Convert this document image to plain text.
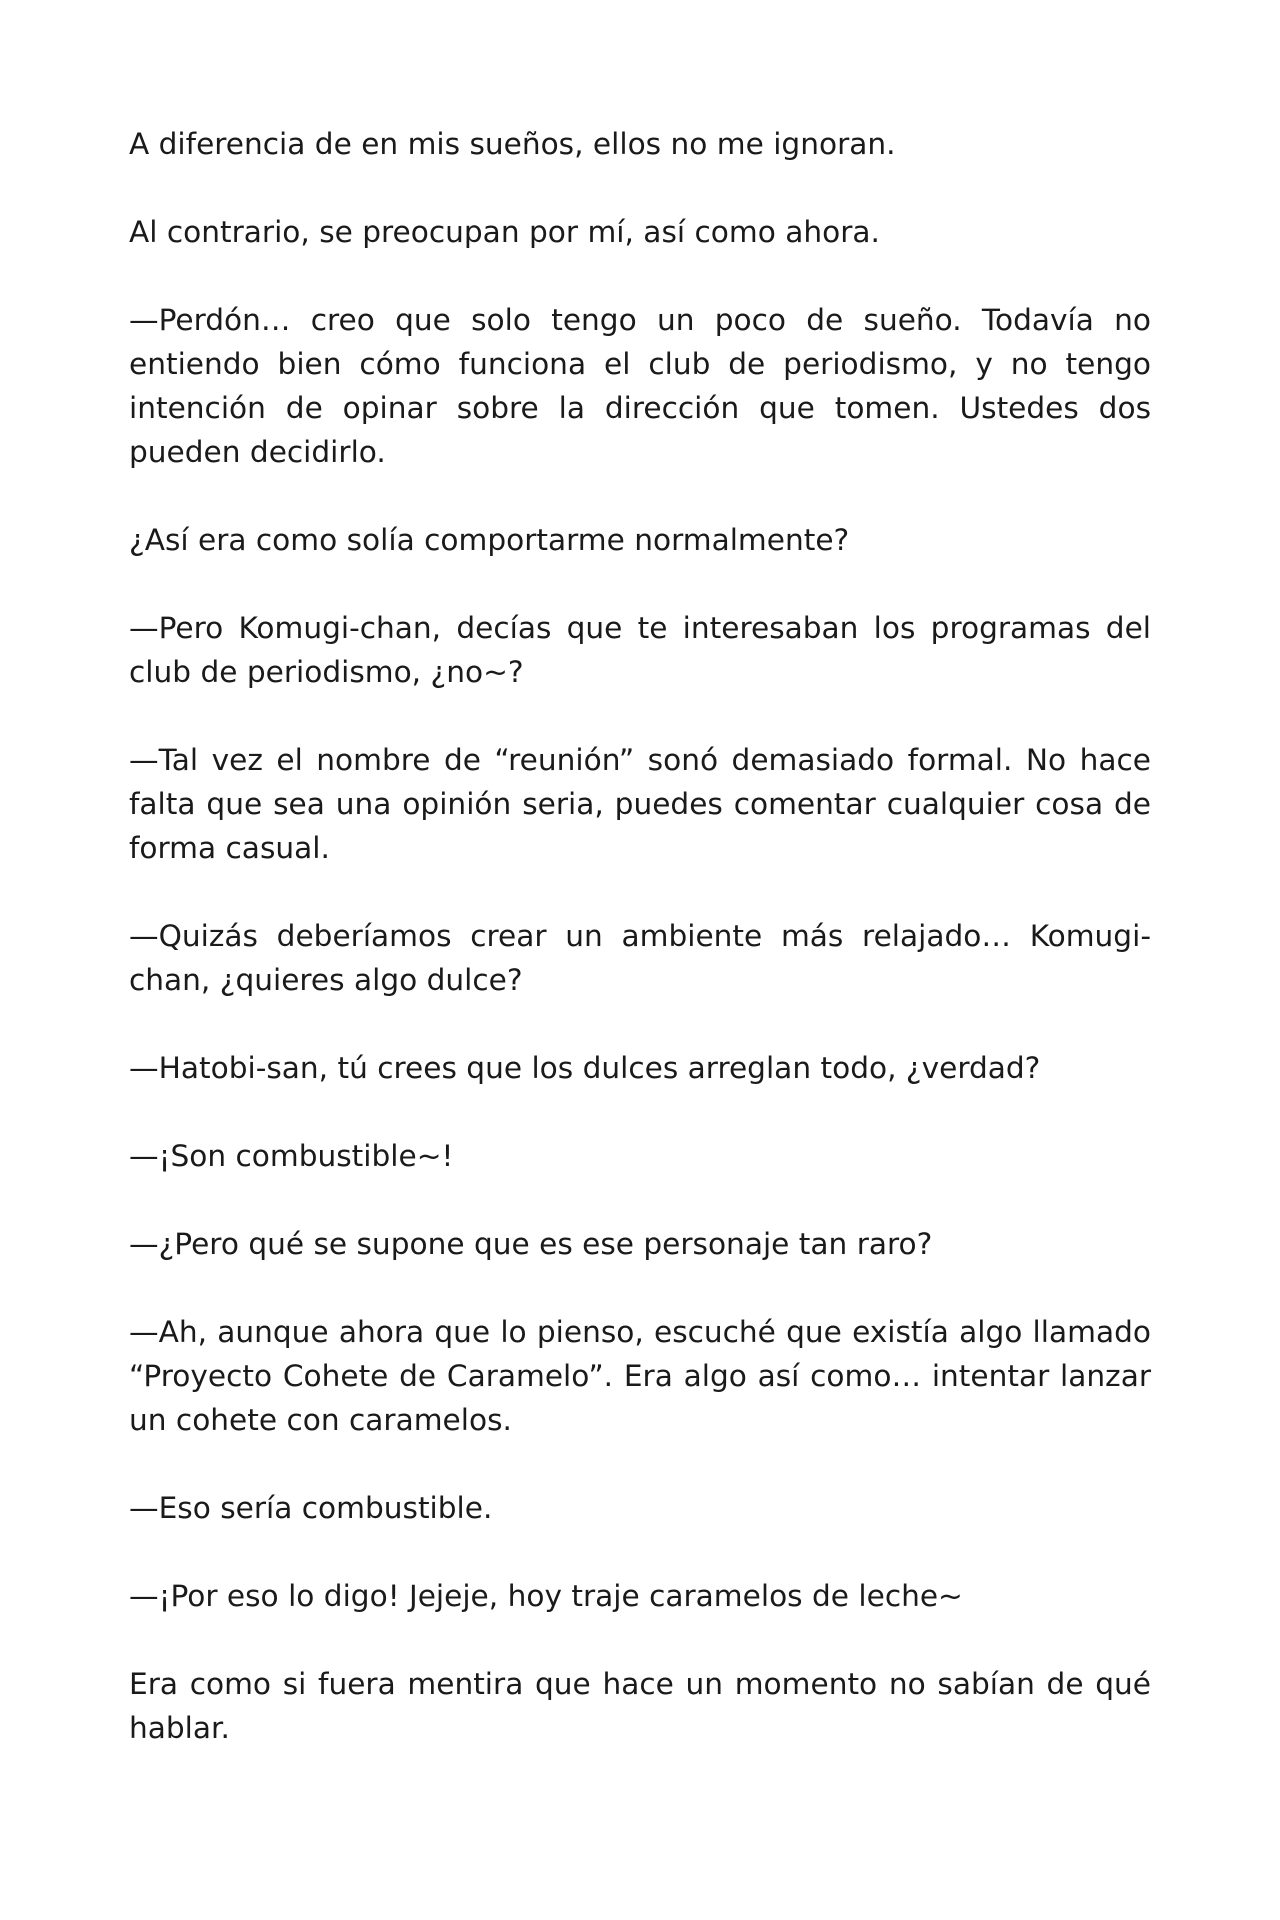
A diferencia de en mis sueños, ellos no me ignoran.

Al contrario, se preocupan por mí, así como ahora.

—Perdón… creo que solo tengo un poco de sueño. Todavía no entiendo bien cómo funciona el club de periodismo, y no tengo intención de opinar sobre la dirección que tomen. Ustedes dos pueden decidirlo.

¿Así era como solía comportarme normalmente?

—Pero Komugi-chan, decías que te interesaban los programas del club de periodismo, ¿no~?

—Tal vez el nombre de “reunión” sonó demasiado formal. No hace falta que sea una opinión seria, puedes comentar cualquier cosa de forma casual.

—Quizás deberíamos crear un ambiente más relajado… Komugi-chan, ¿quieres algo dulce?

—Hatobi-san, tú crees que los dulces arreglan todo, ¿verdad?

—¡Son combustible~!

—¿Pero qué se supone que es ese personaje tan raro?

—Ah, aunque ahora que lo pienso, escuché que existía algo llamado “Proyecto Cohete de Caramelo”. Era algo así como… intentar lanzar un cohete con caramelos.

—Eso sería combustible.

—¡Por eso lo digo! Jejeje, hoy traje caramelos de leche~

Era como si fuera mentira que hace un momento no sabían de qué hablar.
